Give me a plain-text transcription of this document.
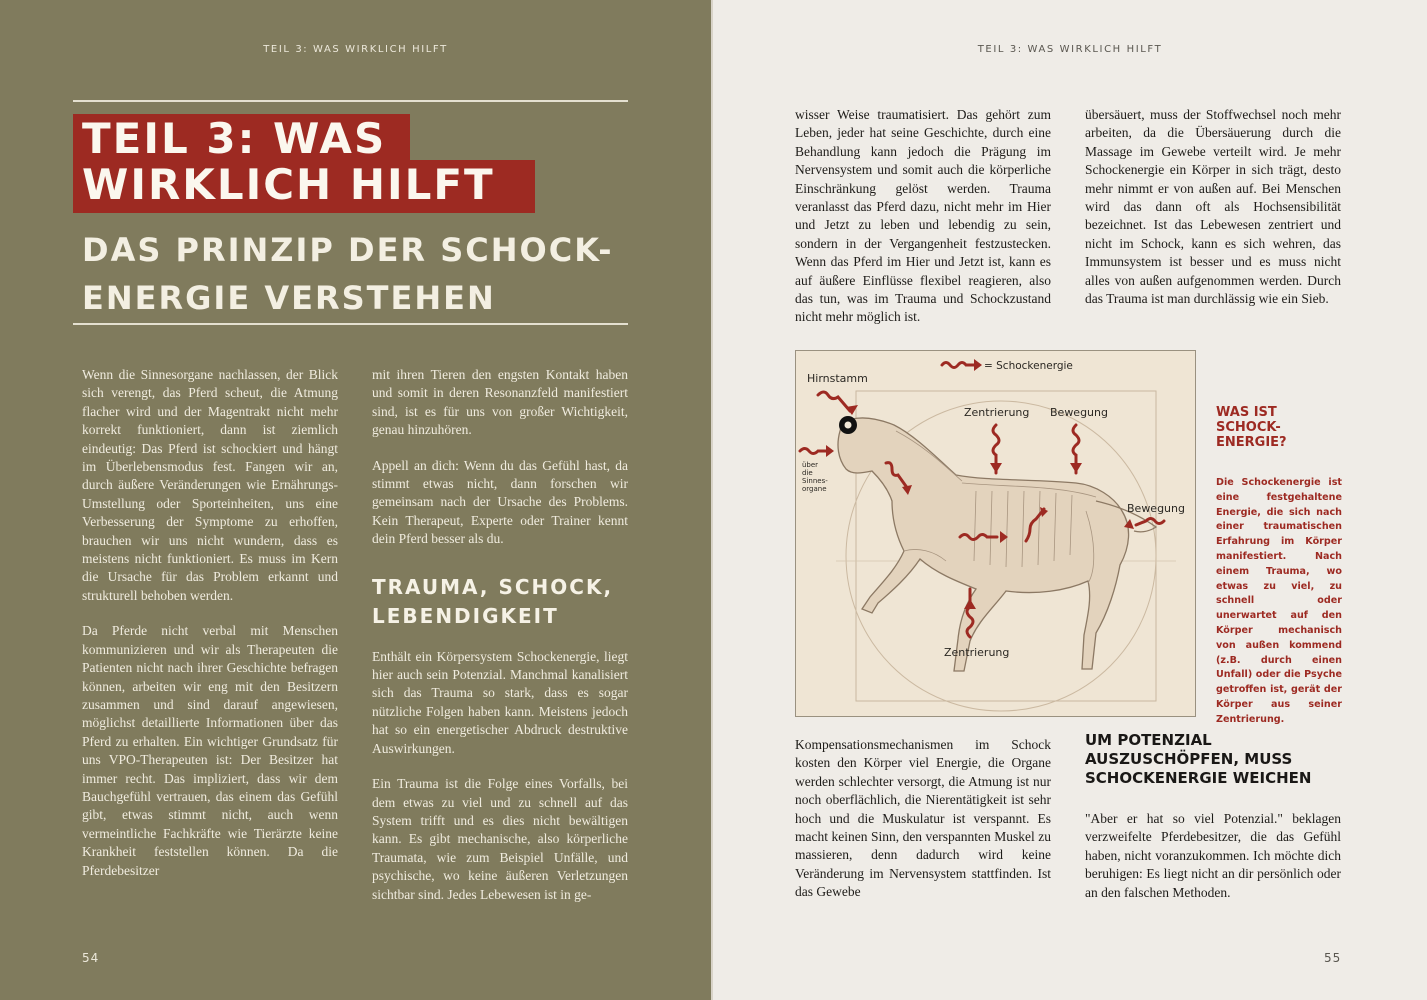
TEIL 3: WAS WIRKLICH HILFT
TEIL 3: WAS
WIRKLICH HILFT
DAS PRINZIP DER SCHOCK-ENERGIE VERSTEHEN

Wenn die Sinnesorgane nachlassen, der Blick sich verengt, das Pferd scheut, die Atmung flacher wird und der Magentrakt nicht mehr korrekt funktioniert, dann ist ziemlich eindeutig: Das Pferd ist schockiert und hängt im Überlebensmodus fest. Fangen wir an, durch äußere Veränderungen wie Ernährungs-Umstellung oder Sporteinheiten, uns eine Verbesserung der Symptome zu erhoffen, brauchen wir uns nicht wundern, dass es meistens nicht funktioniert. Es muss im Kern die Ursache für das Problem erkannt und strukturell behoben werden.

Da Pferde nicht verbal mit Menschen kommunizieren und wir als Therapeuten die Patienten nicht nach ihrer Geschichte befragen können, arbeiten wir eng mit den Besitzern zusammen und sind darauf angewiesen, möglichst detaillierte Informationen über das Pferd zu erhalten. Ein wichtiger Grundsatz für uns VPO-Therapeuten ist: Der Besitzer hat immer recht. Das impliziert, dass wir dem Bauchgefühl vertrauen, das einem das Gefühl gibt, etwas stimmt nicht, auch wenn vermeintliche Fachkräfte wie Tierärzte keine Krankheit feststellen können. Da die Pferdebesitzer

mit ihren Tieren den engsten Kontakt haben und somit in deren Resonanzfeld manifestiert sind, ist es für uns von großer Wichtigkeit, genau hinzuhören.

Appell an dich: Wenn du das Gefühl hast, da stimmt etwas nicht, dann forschen wir gemeinsam nach der Ursache des Problems. Kein Therapeut, Experte oder Trainer kennt dein Pferd besser als du.

TRAUMA, SCHOCK, LEBENDIGKEIT

Enthält ein Körpersystem Schockenergie, liegt hier auch sein Potenzial. Manchmal kanalisiert sich das Trauma so stark, dass es sogar nützliche Folgen haben kann. Meistens jedoch hat so ein energetischer Abdruck destruktive Auswirkungen.

Ein Trauma ist die Folge eines Vorfalls, bei dem etwas zu viel und zu schnell auf das System trifft und es dies nicht bewältigen kann. Es gibt mechanische, also körperliche Traumata, wie zum Beispiel Unfälle, und psychische, wo keine äußeren Verletzungen sichtbar sind. Jedes Lebewesen ist in ge-

54
TEIL 3: WAS WIRKLICH HILFT

wisser Weise traumatisiert. Das gehört zum Leben, jeder hat seine Geschichte, durch eine Behandlung kann jedoch die Prägung im Nervensystem und somit auch die körperliche Einschränkung gelöst werden. Trauma veranlasst das Pferd dazu, nicht mehr im Hier und Jetzt zu leben und lebendig zu sein, sondern in der Vergangenheit festzustecken. Wenn das Pferd im Hier und Jetzt ist, kann es auf äußere Einflüsse flexibel reagieren, also das tun, was im Trauma und Schockzustand nicht mehr möglich ist.

übersäuert, muss der Stoffwechsel noch mehr arbeiten, da die Übersäuerung durch die Massage im Gewebe verteilt wird. Je mehr Schockenergie ein Körper in sich trägt, desto mehr nimmt er von außen auf. Bei Menschen wird das dann oft als Hochsensibilität bezeichnet. Ist das Lebewesen zentriert und nicht im Schock, kann es sich wehren, das Immunsystem ist besser und es muss nicht alles von außen aufgenommen werden. Durch das Trauma ist man durchlässig wie ein Sieb.

= Schockenergie
Hirnstamm
Zentrierung Bewegung
Bewegung
Zentrierung
über
die
Sinnes-
organe
WAS IST SCHOCK-ENERGIE?

Die Schockenergie ist eine festgehaltene Energie, die sich nach einer traumatischen Erfahrung im Körper manifestiert. Nach einem Trauma, wo etwas zu viel, zu schnell oder unerwartet auf den Körper mechanisch von außen kommend (z.B. durch einen Unfall) oder die Psyche getroffen ist, gerät der Körper aus seiner Zentrierung.

Kompensationsmechanismen im Schock kosten den Körper viel Energie, die Organe werden schlechter versorgt, die Atmung ist nur noch oberflächlich, die Nierentätigkeit ist sehr hoch und die Muskulatur ist verspannt. Es macht keinen Sinn, den verspannten Muskel zu massieren, denn dadurch wird keine Veränderung im Nervensystem stattfinden. Ist das Gewebe

UM POTENZIAL AUSZUSCHÖPFEN, MUSS SCHOCKENERGIE WEICHEN

"Aber er hat so viel Potenzial." beklagen verzweifelte Pferdebesitzer, die das Gefühl haben, nicht voranzukommen. Ich möchte dich beruhigen: Es liegt nicht an dir persönlich oder an den falschen Methoden.

55
